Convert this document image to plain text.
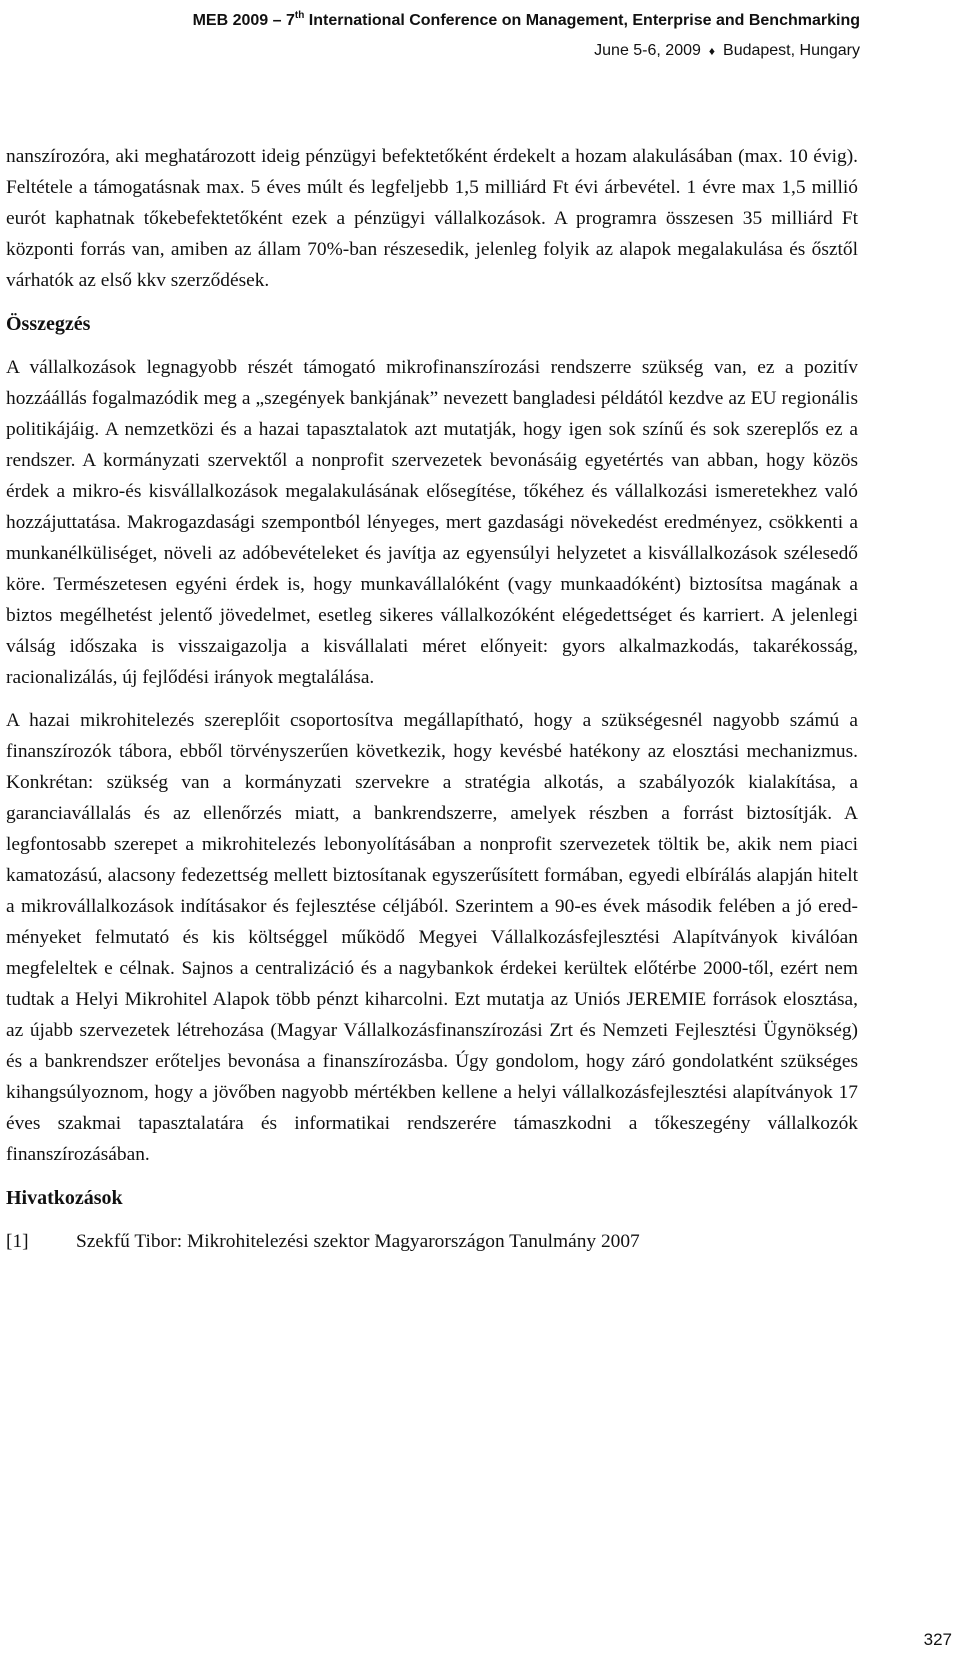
MEB 2009 – 7th International Conference on Management, Enterprise and Benchmarking
June 5-6, 2009 ♦ Budapest, Hungary

nanszírozóra, aki meghatározott ideig pénzügyi befektetőként érdekelt a hozam alakulásában (max. 10 évig). Feltétele a támogatásnak max. 5 éves múlt és legfeljebb 1,5 milliárd Ft évi árbevétel. 1 évre max 1,5 millió eurót kaphatnak tőkebefektetőként ezek a pénzügyi vállalkozások. A programra összesen 35 milliárd Ft központi forrás van, amiben az állam 70%-ban részesedik, jelenleg folyik az alapok megalakulása és ősztől várhatók az első kkv szerződések.

Összegzés

A vállalkozások legnagyobb részét támogató mikrofinanszírozási rendszerre szükség van, ez a pozitív hozzáállás fogalmazódik meg a „szegények bankjának” nevezett bangladesi példától kezdve az EU regionális politikájáig. A nemzetközi és a hazai tapasztalatok azt mutatják, hogy igen sok színű és sok szereplős ez a rendszer. A kormányzati szervektől a nonprofit szervezetek bevonásáig egyetértés van abban, hogy közös érdek a mikro-és kisvállalkozások megalakulásának elősegítése, tőkéhez és vállalkozási ismeretekhez való hozzájuttatása. Makrogazdasági szempontból lényeges, mert gazdasági növekedést eredményez, csökkenti a munkanélküliséget, növeli az adóbevételeket és javítja az egyensúlyi helyzetet a kisvállalkozások szélesedő köre. Természetesen egyéni érdek is, hogy munkavállalóként (vagy munkaadóként) biztosítsa magának a biztos megélhetést jelentő jövedelmet, esetleg sikeres vállalkozóként elégedettséget és karriert. A jelenlegi válság időszaka is visszaigazolja a kisvállalati méret előnyeit: gyors alkalmazkodás, takarékosság, racionalizálás, új fejlődési irányok megtalálása.

A hazai mikrohitelezés szereplőit csoportosítva megállapítható, hogy a szükségesnél nagyobb számú a finanszírozók tábora, ebből törvényszerűen következik, hogy kevésbé hatékony az elosztási mechanizmus. Konkrétan: szükség van a kormányzati szervekre a stratégia alkotás, a szabályozók kialakítása, a garanciavállalás és az ellenőrzés miatt, a bankrendszerre, amelyek részben a forrást biztosítják. A legfontosabb szerepet a mikrohitelezés lebonyolításában a nonprofit szervezetek töltik be, akik nem piaci kamatozású, alacsony fedezettség mellett biztosítanak egyszerűsített formában, egyedi elbírálás alapján hitelt a mikrovállalkozások indításakor és fejlesztése céljából. Szerintem a 90-es évek második felében a jó eredményeket felmutató és kis költséggel működő Megyei Vállalkozásfejlesztési Alapítványok kiválóan megfeleltek e célnak. Sajnos a centralizáció és a nagybankok érdekei kerültek előtérbe 2000-től, ezért nem tudtak a Helyi Mikrohitel Alapok több pénzt kiharcolni. Ezt mutatja az Uniós JEREMIE források elosztása, az újabb szervezetek létrehozása (Magyar Vállalkozásfinanszírozási Zrt és Nemzeti Fejlesztési Ügynökség) és a bankrendszer erőteljes bevonása a finanszírozásba. Úgy gondolom, hogy záró gondolatként szükséges kihangsúlyoznom, hogy a jövőben nagyobb mértékben kellene a helyi vállalkozásfejlesztési alapítványok 17 éves szakmai tapasztalatára és informatikai rendszerére támaszkodni a tőkeszegény vállalkozók finanszírozásában.

Hivatkozások
[1]	Szekfű Tibor: Mikrohitelezési szektor Magyarországon Tanulmány 2007
327
